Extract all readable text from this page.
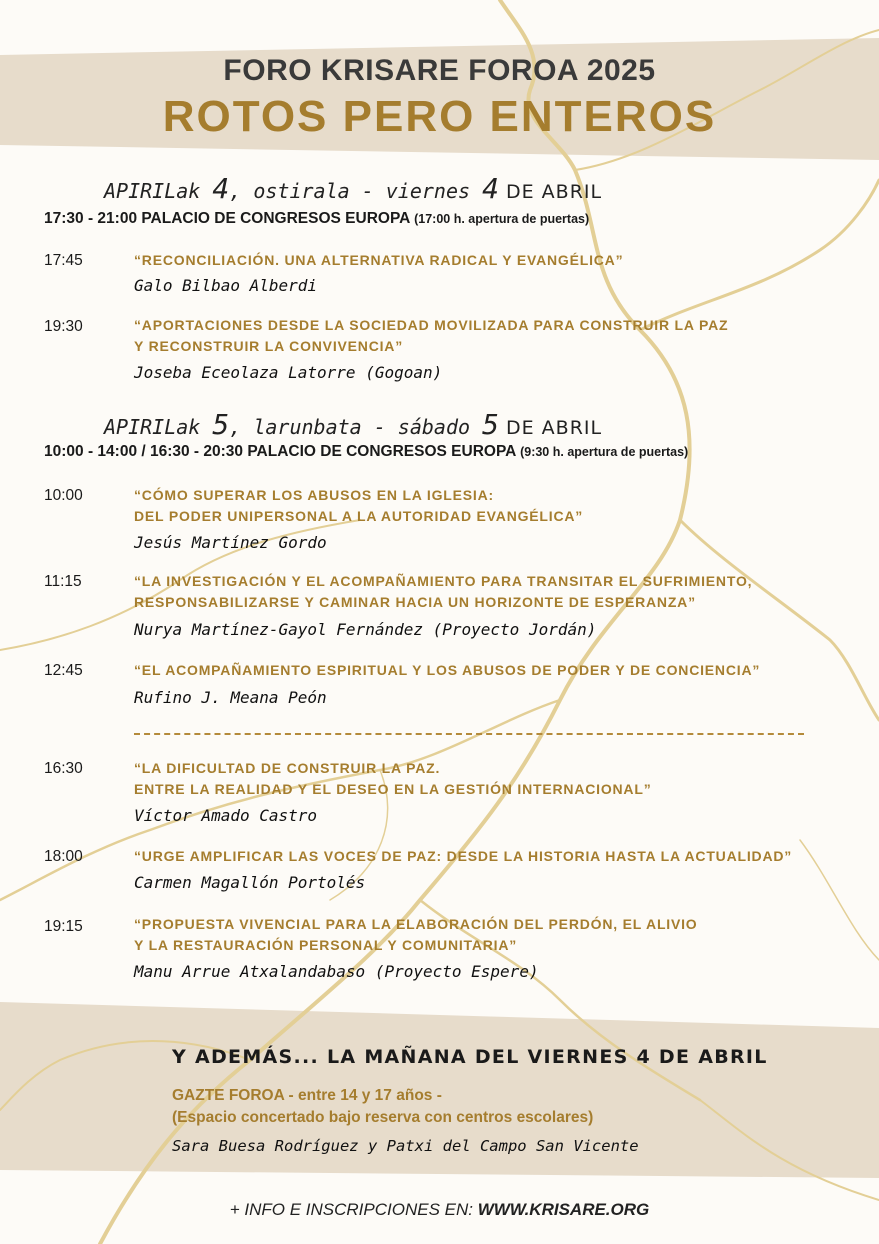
FORO KRISARE FOROA 2025
ROTOS PERO ENTEROS
APIRILak 4, ostirala - viernes 4 DE ABRIL
17:30 - 21:00 PALACIO DE CONGRESOS EUROPA (17:00 h. apertura de puertas)
17:45	“RECONCILIACIÓN. UNA ALTERNATIVA RADICAL Y EVANGÉLICA”
Galo Bilbao Alberdi
19:30	“APORTACIONES DESDE LA SOCIEDAD MOVILIZADA PARA CONSTRUIR LA PAZ
Y RECONSTRUIR LA CONVIVENCIA”
Joseba Eceolaza Latorre (Gogoan)
APIRILak 5, larunbata - sábado 5 DE ABRIL
10:00 - 14:00 / 16:30 - 20:30 PALACIO DE CONGRESOS EUROPA (9:30 h. apertura de puertas)
10:00	“CÓMO SUPERAR LOS ABUSOS EN LA IGLESIA:
DEL PODER UNIPERSONAL A LA AUTORIDAD EVANGÉLICA”
Jesús Martínez Gordo
11:15	“LA INVESTIGACIÓN Y EL ACOMPAÑAMIENTO PARA TRANSITAR EL SUFRIMIENTO,
RESPONSABILIZARSE Y CAMINAR HACIA UN HORIZONTE DE ESPERANZA”
Nurya Martínez-Gayol Fernández (Proyecto Jordán)
12:45	“EL ACOMPAÑAMIENTO ESPIRITUAL Y LOS ABUSOS DE PODER Y DE CONCIENCIA”
Rufino J. Meana Peón
16:30	“LA DIFICULTAD DE CONSTRUIR LA PAZ.
ENTRE LA REALIDAD Y EL DESEO EN LA GESTIÓN INTERNACIONAL”
Víctor Amado Castro
18:00	“URGE AMPLIFICAR LAS VOCES DE PAZ: DESDE LA HISTORIA HASTA LA ACTUALIDAD”
Carmen Magallón Portolés
19:15	“PROPUESTA VIVENCIAL PARA LA ELABORACIÓN DEL PERDÓN, EL ALIVIO
Y LA RESTAURACIÓN PERSONAL Y COMUNITARIA”
Manu Arrue Atxalandabaso (Proyecto Espere)
Y ADEMÁS... LA MAÑANA DEL VIERNES 4 DE ABRIL
GAZTE FOROA - entre 14 y 17 años -
(Espacio concertado bajo reserva con centros escolares)
Sara Buesa Rodríguez y Patxi del Campo San Vicente
+ INFO E INSCRIPCIONES EN: WWW.KRISARE.ORG
